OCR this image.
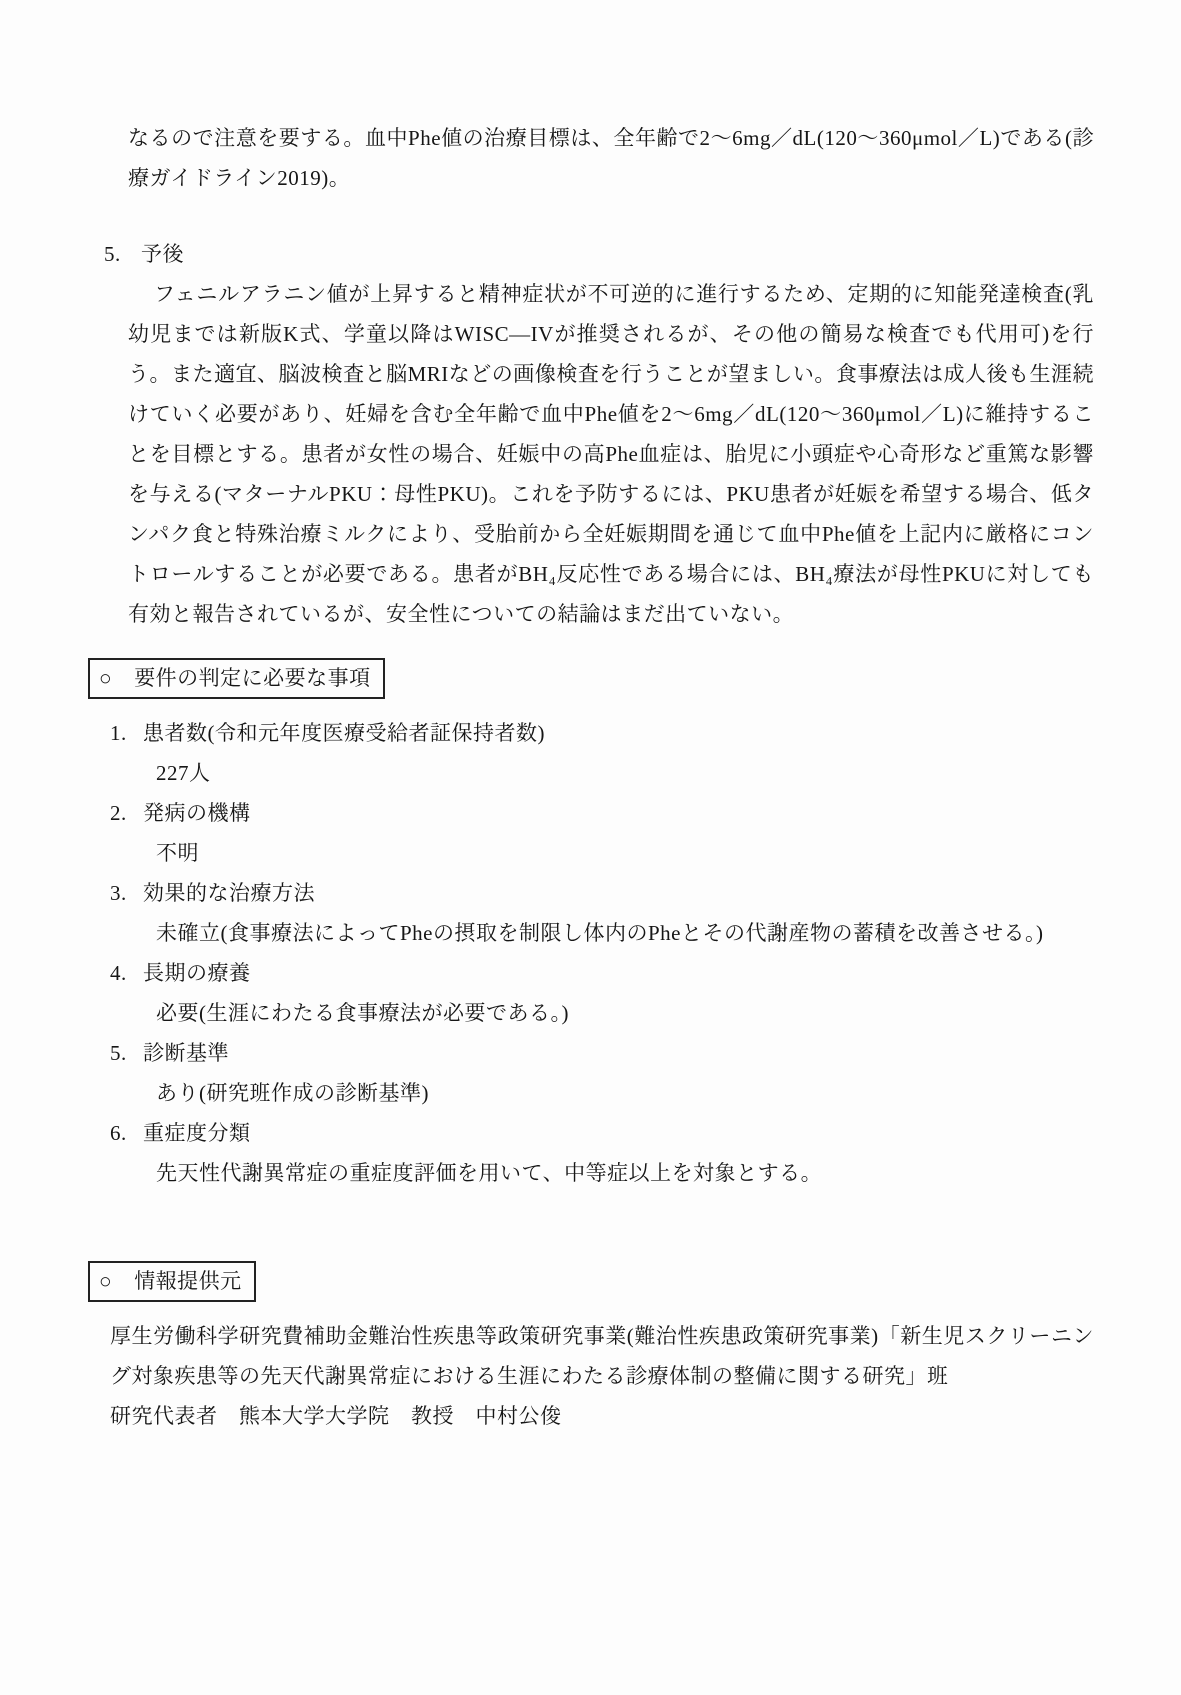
なるので注意を要する。血中Phe値の治療目標は、全年齢で2〜6mg／dL(120〜360μmol／L)である(診療ガイドライン2019)。
5. 予後
フェニルアラニン値が上昇すると精神症状が不可逆的に進行するため、定期的に知能発達検査(乳幼児までは新版K式、学童以降はWISC―IVが推奨されるが、その他の簡易な検査でも代用可)を行う。また適宜、脳波検査と脳MRIなどの画像検査を行うことが望ましい。食事療法は成人後も生涯続けていく必要があり、妊婦を含む全年齢で血中Phe値を2〜6mg／dL(120〜360μmol／L)に維持することを目標とする。患者が女性の場合、妊娠中の高Phe血症は、胎児に小頭症や心奇形など重篤な影響を与える(マターナルPKU：母性PKU)。これを予防するには、PKU患者が妊娠を希望する場合、低タンパク食と特殊治療ミルクにより、受胎前から全妊娠期間を通じて血中Phe値を上記内に厳格にコントロールすることが必要である。患者がBH₄反応性である場合には、BH₄療法が母性PKUに対しても有効と報告されているが、安全性についての結論はまだ出ていない。
○ 要件の判定に必要な事項
1. 患者数(令和元年度医療受給者証保持者数)
227人
2. 発病の機構
不明
3. 効果的な治療方法
未確立(食事療法によってPheの摂取を制限し体内のPheとその代謝産物の蓄積を改善させる。)
4. 長期の療養
必要(生涯にわたる食事療法が必要である。)
5. 診断基準
あり(研究班作成の診断基準)
6. 重症度分類
先天性代謝異常症の重症度評価を用いて、中等症以上を対象とする。
○ 情報提供元
厚生労働科学研究費補助金難治性疾患等政策研究事業(難治性疾患政策研究事業)「新生児スクリーニング対象疾患等の先天代謝異常症における生涯にわたる診療体制の整備に関する研究」班
研究代表者　熊本大学大学院　教授　中村公俊
